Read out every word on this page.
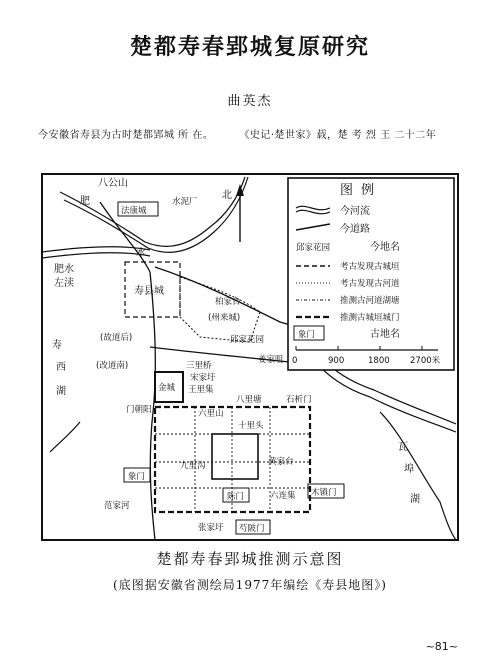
楚都寿春郢城复原研究
曲英杰
今安徽省寿县为古时楚都郢城 所 在。	《史记·楚世家》载，楚 考 烈 王 二十二年
北	图例
今河流
今道路
邱家花园	今地名
考古发现古城垣
考古发现古河道
推测古河道湖塘
推测古城垣城门
象门	古地名
0	900	1800 2700米
八公山
肥
法康城
水泥厂
水
肥水
左渎
寿县城
柏家台
(州来城)
(故道后)	邱家花园
寿
西
湖
(改道南)
姜家咀
金城
三里桥
宋家圩
王里集
门朝阳	六里山
八里塘	石析门
十里头
象门
九里沟	黄家台
六连集
陈门	木镇门
范家河
张家圩 芍陂门
瓦
埠
湖
楚都寿春郢城推测示意图
(底图据安徽省测绘局1977年编绘《寿县地图》)
~81~
